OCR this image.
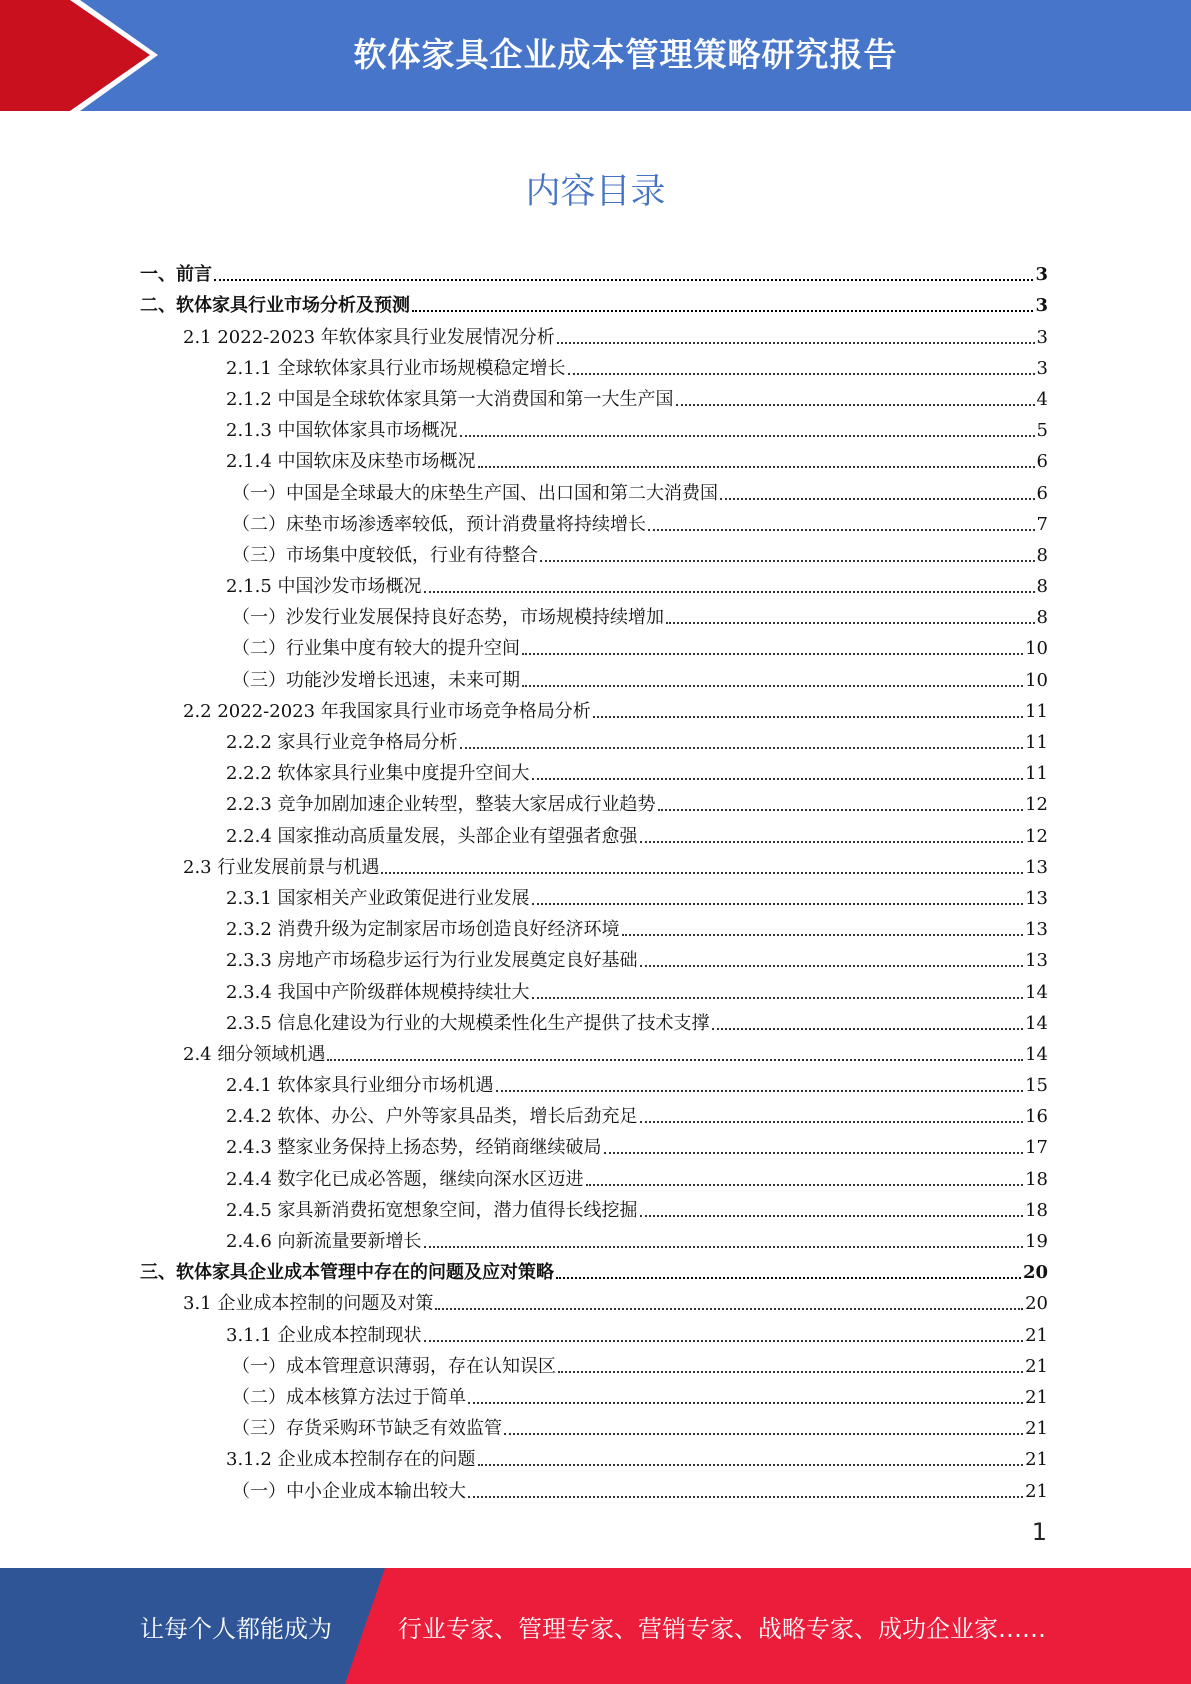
软体家具企业成本管理策略研究报告
内容目录
一、前言	3
二、软体家具行业市场分析及预测	3
2.1 2022-2023 年软体家具行业发展情况分析	3
2.1.1 全球软体家具行业市场规模稳定增长	3
2.1.2 中国是全球软体家具第一大消费国和第一大生产国	4
2.1.3 中国软体家具市场概况	5
2.1.4 中国软床及床垫市场概况	6
（一）中国是全球最大的床垫生产国、出口国和第二大消费国	6
（二）床垫市场渗透率较低，预计消费量将持续增长	7
（三）市场集中度较低，行业有待整合	8
2.1.5 中国沙发市场概况	8
（一）沙发行业发展保持良好态势，市场规模持续增加	8
（二）行业集中度有较大的提升空间	10
（三）功能沙发增长迅速，未来可期	10
2.2 2022-2023 年我国家具行业市场竞争格局分析	11
2.2.2 家具行业竞争格局分析	11
2.2.2 软体家具行业集中度提升空间大	11
2.2.3 竞争加剧加速企业转型，整装大家居成行业趋势	12
2.2.4 国家推动高质量发展，头部企业有望强者愈强	12
2.3 行业发展前景与机遇	13
2.3.1 国家相关产业政策促进行业发展	13
2.3.2 消费升级为定制家居市场创造良好经济环境	13
2.3.3 房地产市场稳步运行为行业发展奠定良好基础	13
2.3.4 我国中产阶级群体规模持续壮大	14
2.3.5 信息化建设为行业的大规模柔性化生产提供了技术支撑	14
2.4 细分领域机遇	14
2.4.1 软体家具行业细分市场机遇	15
2.4.2 软体、办公、户外等家具品类，增长后劲充足	16
2.4.3 整家业务保持上扬态势，经销商继续破局	17
2.4.4 数字化已成必答题，继续向深水区迈进	18
2.4.5 家具新消费拓宽想象空间，潜力值得长线挖掘	18
2.4.6 向新流量要新增长	19
三、软体家具企业成本管理中存在的问题及应对策略	20
3.1 企业成本控制的问题及对策	20
3.1.1 企业成本控制现状	21
（一）成本管理意识薄弱，存在认知误区	21
（二）成本核算方法过于简单	21
（三）存货采购环节缺乏有效监管	21
3.1.2 企业成本控制存在的问题	21
（一）中小企业成本输出较大	21
1
让每个人都能成为	行业专家、管理专家、营销专家、战略专家、成功企业家……
